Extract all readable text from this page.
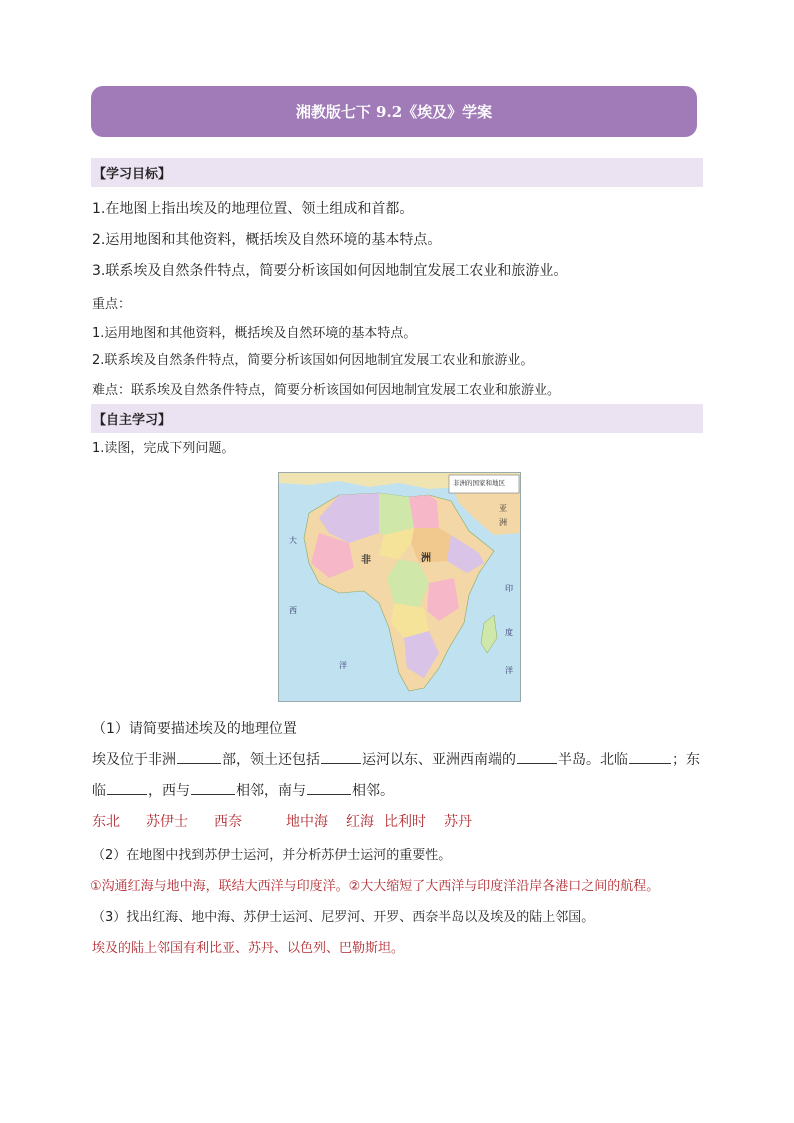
湘教版七下 9.2《埃及》学案
【学习目标】
1.在地图上指出埃及的地理位置、领土组成和首都。
2.运用地图和其他资料，概括埃及自然环境的基本特点。
3.联系埃及自然条件特点，简要分析该国如何因地制宜发展工农业和旅游业。
重点：
1.运用地图和其他资料，概括埃及自然环境的基本特点。
2.联系埃及自然条件特点，简要分析该国如何因地制宜发展工农业和旅游业。
难点：联系埃及自然条件特点，简要分析该国如何因地制宜发展工农业和旅游业。
【自主学习】
1.读图，完成下列问题。
非洲的国家和地区
大
西
洋
非	洲
印
度
洋
亚
洲
（1）请简要描述埃及的地理位置
埃及位于非洲	部，领土还包括	运河以东、亚洲西南端的	半岛。北临	；东
临	，西与	相邻，南与	相邻。
东北 苏伊士 西奈	地中海 红海 比利时 苏丹
（2）在地图中找到苏伊士运河，并分析苏伊士运河的重要性。
①沟通红海与地中海，联结大西洋与印度洋。②大大缩短了大西洋与印度洋沿岸各港口之间的航程。
（3）找出红海、地中海、苏伊士运河、尼罗河、开罗、西奈半岛以及埃及的陆上邻国。
埃及的陆上邻国有利比亚、苏丹、以色列、巴勒斯坦。
